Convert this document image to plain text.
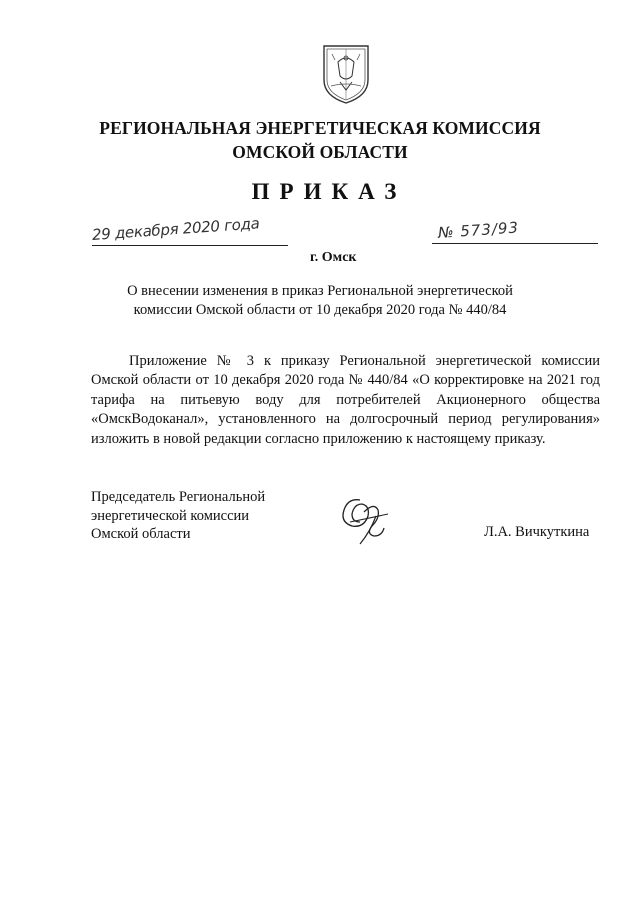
РЕГИОНАЛЬНАЯ ЭНЕРГЕТИЧЕСКАЯ КОМИССИЯ
ОМСКОЙ ОБЛАСТИ
ПРИКАЗ
29 декабря 2020 года	№ 573/93
г. Омск
О внесении изменения в приказ Региональной энергетической комиссии Омской области от 10 декабря 2020 года № 440/84
Приложение № 3 к приказу Региональной энергетической комиссии Омской области от 10 декабря 2020 года № 440/84 «О корректировке на 2021 год тарифа на питьевую воду для потребителей Акционерного общества «ОмскВодоканал», установленного на долгосрочный период регулирования» изложить в новой редакции согласно приложению к настоящему приказу.
Председатель Региональной
энергетической комиссии
Омской области	Л.А. Вичкуткина
